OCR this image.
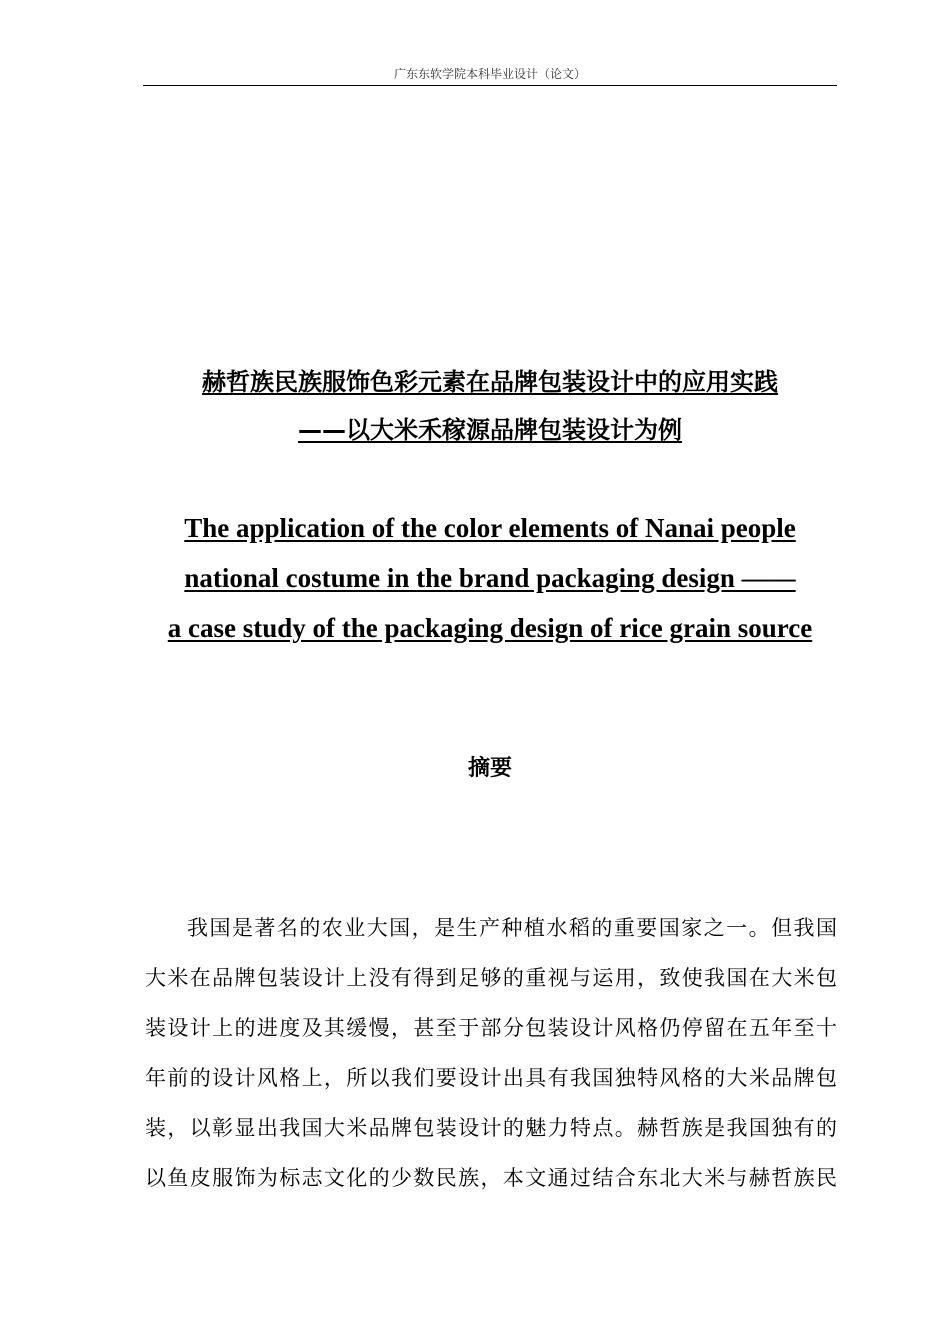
广东东软学院本科毕业设计（论文）
赫哲族民族服饰色彩元素在品牌包装设计中的应用实践
——以大米禾稼源品牌包装设计为例
The application of the color elements of Nanai people
national costume in the brand packaging design ——
a case study of the packaging design of rice grain source
摘要
我国是著名的农业大国，是生产种植水稻的重要国家之一。但我国
大米在品牌包装设计上没有得到足够的重视与运用，致使我国在大米包
装设计上的进度及其缓慢，甚至于部分包装设计风格仍停留在五年至十
年前的设计风格上，所以我们要设计出具有我国独特风格的大米品牌包
装，以彰显出我国大米品牌包装设计的魅力特点。赫哲族是我国独有的
以鱼皮服饰为标志文化的少数民族，本文通过结合东北大米与赫哲族民
